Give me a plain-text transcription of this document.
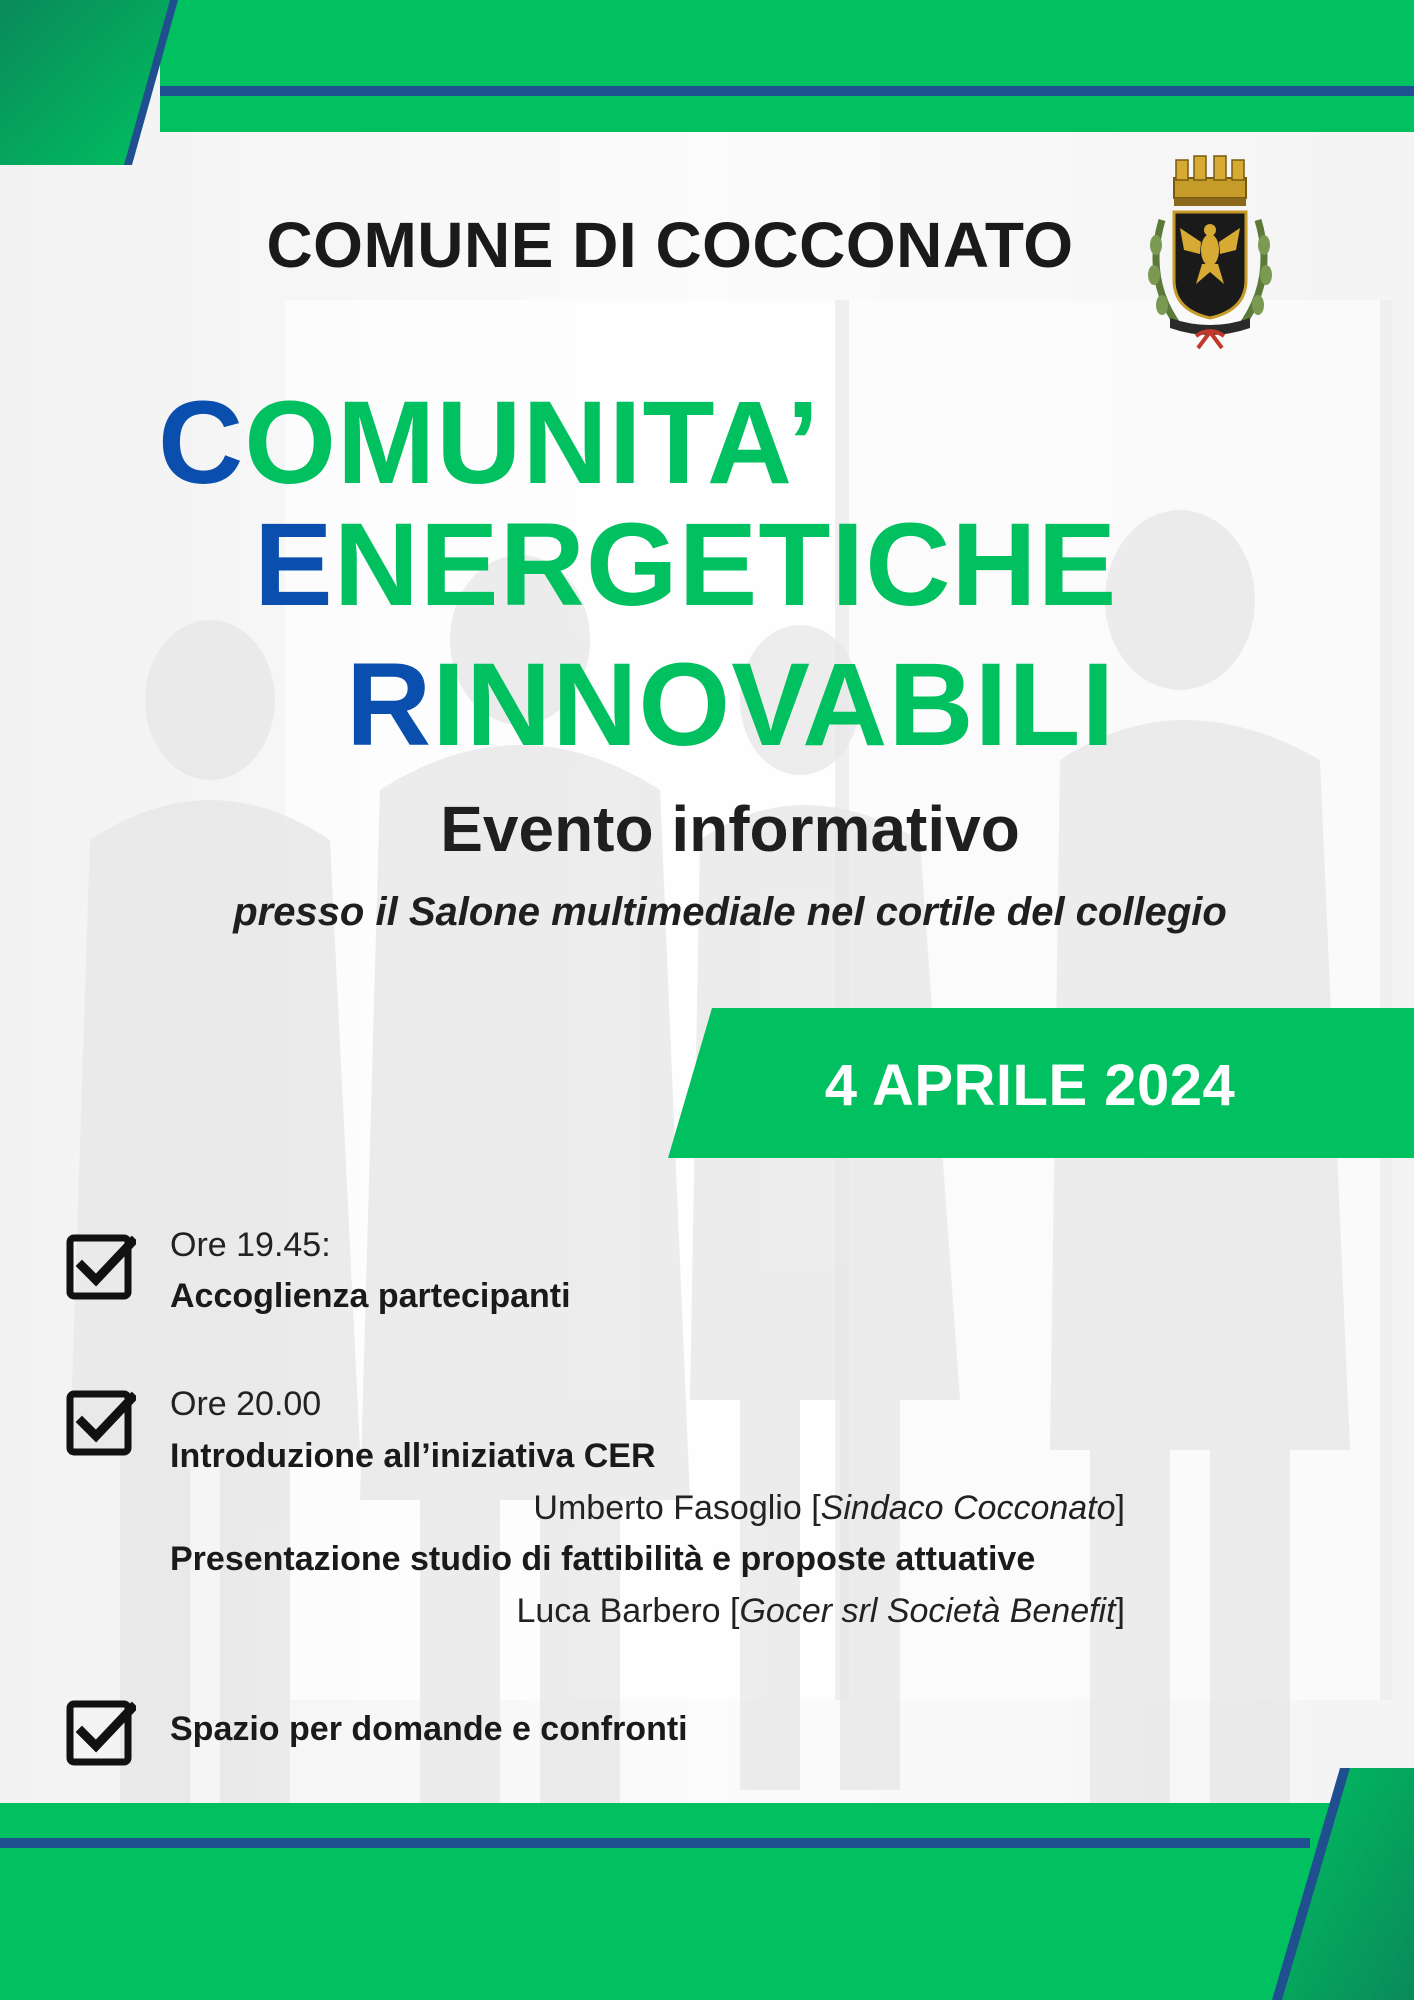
COMUNE DI COCCONATO
COMUNITA’
ENERGETICHE
RINNOVABILI
Evento informativo
presso il Salone multimediale nel cortile del collegio
4 APRILE 2024
Ore 19.45:
Accoglienza partecipanti
Ore 20.00
Introduzione all’iniziativa CER
Umberto Fasoglio [Sindaco Cocconato]
Presentazione studio di fattibilità e proposte attuative
Luca Barbero [Gocer srl Società Benefit]
Spazio per domande e confronti
